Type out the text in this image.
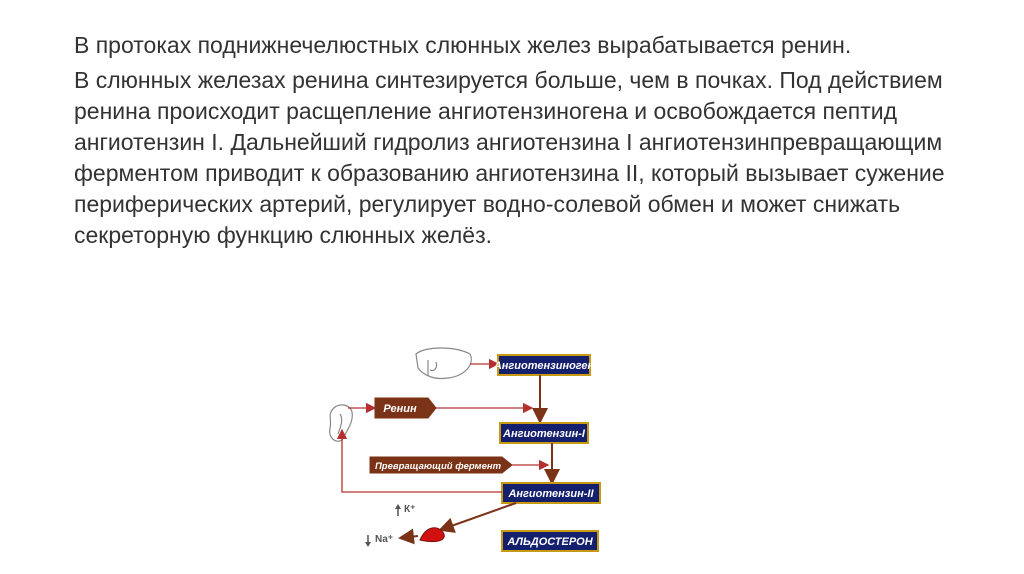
В протоках поднижнечелюстных слюнных желез вырабатывается ренин.

В слюнных железах ренина синтезируется больше, чем в почках. Под действием ренина происходит расщепление ангиотензиногена и освобождается пептид ангиотензин I. Дальнейший гидролиз ангиотензина I ангиотензинпревращающим ферментом приводит к образованию ангиотензина II, который вызывает сужение периферических артерий, регулирует водно-солевой обмен и может снижать секреторную функцию слюнных желёз.

Ангиотензиноген
Ренин
Ангиотензин-I
Превращающий фермент
Ангиотензин-II
К⁺
Na⁺	АЛЬДОСТЕРОН
